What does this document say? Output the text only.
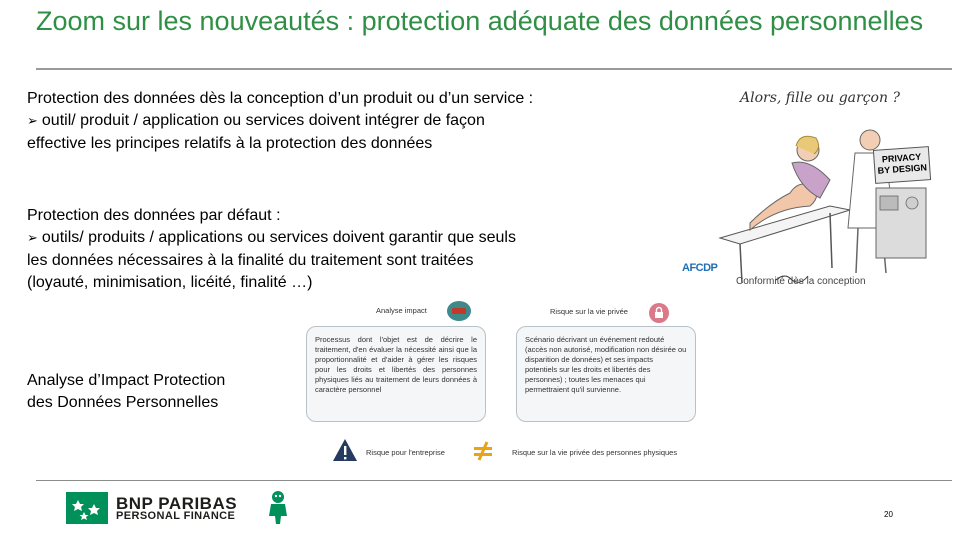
Zoom sur les nouveautés : protection adéquate des données personnelles
Protection des données dès la conception d’un produit ou d’un service :
➢ outil/ produit / application ou services doivent intégrer de façon
effective les principes relatifs à la protection des données
Protection des données par défaut :
➢ outils/ produits / applications ou services doivent garantir que seuls
les données nécessaires à la finalité du traitement sont traitées
(loyauté, minimisation, licéité, finalité …)
Analyse d’Impact Protection
des Données Personnelles
Alors, fille ou garçon ?
PRIVACY BY DESIGN
AFCDP
Conformité dès la conception
Analyse impact	Risque sur la vie privée
Processus dont l'objet est de décrire le traitement, d'en évaluer la nécessité ainsi que la proportionnalité et d'aider à gérer les risques pour les droits et libertés des personnes physiques liés au traitement de leurs données à caractère personnel
Scénario décrivant un événement redouté (accès non autorisé, modification non désirée ou disparition de données) et ses impacts potentiels sur les droits et libertés des personnes) ; toutes les menaces qui permettraient qu'il survienne.
Risque pour l'entreprise	Risque sur la vie privée des personnes physiques
BNP PARIBAS
PERSONAL FINANCE	20
